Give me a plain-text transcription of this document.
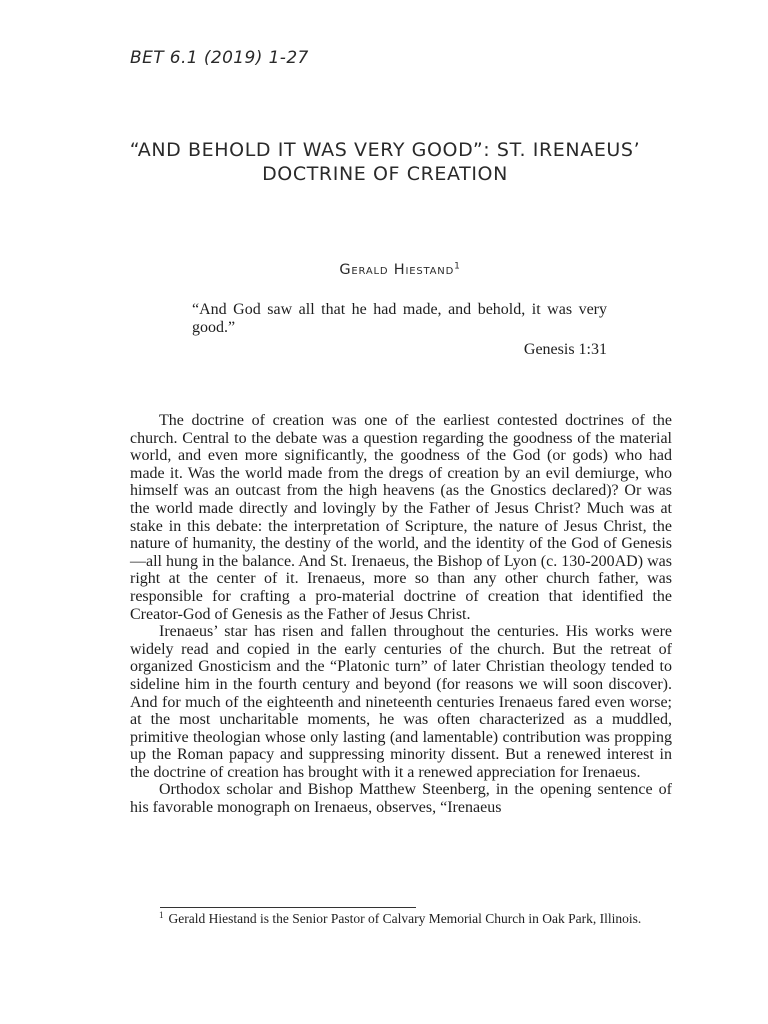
BET 6.1 (2019) 1-27
“AND BEHOLD IT WAS VERY GOOD”: ST. IRENAEUS’
DOCTRINE OF CREATION
Gerald Hiestand$^1$

“And God saw all that he had made, and behold, it was very good.”

Genesis 1:31

The doctrine of creation was one of the earliest contested doctrines of the church. Central to the debate was a question regarding the goodness of the material world, and even more significantly, the goodness of the God (or gods) who had made it. Was the world made from the dregs of creation by an evil demiurge, who himself was an outcast from the high heavens (as the Gnostics declared)? Or was the world made directly and lovingly by the Father of Jesus Christ? Much was at stake in this debate: the interpretation of Scripture, the nature of Jesus Christ, the nature of humanity, the destiny of the world, and the identity of the God of Genesis—all hung in the balance. And St. Irenaeus, the Bishop of Lyon (c. 130-200AD) was right at the center of it. Irenaeus, more so than any other church father, was responsible for crafting a pro-material doctrine of creation that identified the Creator-God of Genesis as the Father of Jesus Christ.

Irenaeus’ star has risen and fallen throughout the centuries. His works were widely read and copied in the early centuries of the church. But the retreat of organized Gnosticism and the “Platonic turn” of later Christian theology tended to sideline him in the fourth century and beyond (for reasons we will soon discover). And for much of the eighteenth and nineteenth centuries Irenaeus fared even worse; at the most uncharitable moments, he was often characterized as a muddled, primitive theologian whose only lasting (and lamentable) contribution was propping up the Roman papacy and suppressing minority dissent. But a renewed interest in the doctrine of creation has brought with it a renewed appreciation for Irenaeus.

Orthodox scholar and Bishop Matthew Steenberg, in the opening sentence of his favorable monograph on Irenaeus, observes, “Irenaeus

$^1$ Gerald Hiestand is the Senior Pastor of Calvary Memorial Church in Oak Park, Illinois.
